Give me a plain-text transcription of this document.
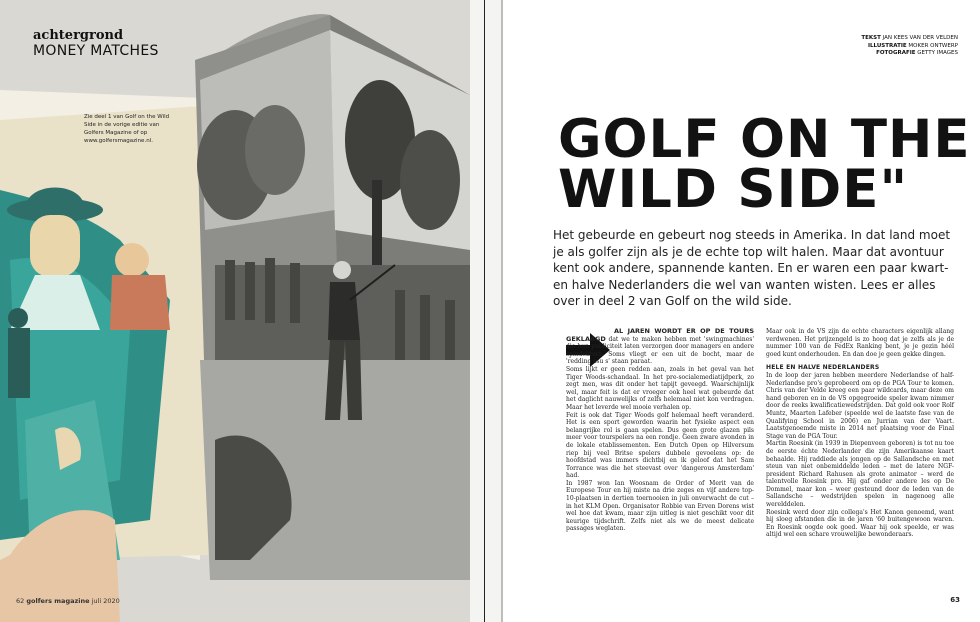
achtergrond
MONEY MATCHES
Zie deel 1 van Golf on the Wild Side in de vorige editie van Golfers Magazine of op www.golfersmagazine.nl.
62 golfers magazine juli 2020
TEKST JAN KEES VAN DER VELDEN
ILLUSTRATIE MOKER ONTWERP
FOTOGRAFIE GETTY IMAGES
GOLF ON THE
WILD SIDE"
Het gebeurde en gebeurt nog steeds in Amerika. In dat land moet je als golfer zijn als je de echte top wilt halen. Maar dat avontuur kent ook andere, spannende kanten. En er waren een paar kwart- en halve Nederlanders die wel van wanten wisten. Lees er alles over in deel 2 van Golf on the wild side.

AL JAREN WORDT ER OP DE TOURS GEKLAAGD dat we te maken hebben met 'swingmachines' die hun publiciteit laten verzorgen door managers en andere spindoktors. Soms vliegt er een uit de bocht, maar de 'redding ssu s' staan paraat.

Soms lijkt er geen redden aan, zoals in het geval van het Tiger Woods-schandaal. In het pre-socialemediatijdperk, zo zegt men, was dit onder het tapijt geveegd. Waarschijnlijk wel, maar feit is dat er vroeger ook heel wat gebeurde dat het daglicht nauwelijks of zelfs helemaal niet kon verdragen. Maar het leverde wel mooie verhalen op.

Feit is ook dat Tiger Woods golf helemaal heeft veranderd. Het is een sport geworden waarin het fysieke aspect een belangrijke rol is gaan spelen. Dus geen grote glazen pils meer voor tourspelers na een rondje. Geen zware avonden in de lokale etablissementen. Een Dutch Open op Hilversum riep bij veel Britse spelers dubbele gevoelens op: de hoofdstad was immers dichtbij en ik geloof dat het Sam Torrance was die het steevast over 'dangerous Amsterdam' had.

In 1987 won Ian Woosnam de Order of Merit van de Europese Tour en hij miste na drie zeges en vijf andere top-10-plaatsen in dertien toernooien in juli onverwacht de cut – in het KLM Open. Organisator Robbie van Erven Dorens wist wel hoe dat kwam, maar zijn uitleg is niet geschikt voor dit keurige tijdschrift. Zelfs niet als we de meest delicate passages weglaten.

Maar ook in de VS zijn de echte characters eigenlijk allang verdwenen. Het prijzengeld is zo hoog dat je zelfs als je de nummer 100 van de FedEx Ranking bent, je je gezin héél goed kunt onderhouden. En dan doe je geen gekke dingen.

HELE EN HALVE NEDERLANDERS

In de loop der jaren hebben meerdere Nederlandse of half-Nederlandse pro's geprobeerd om op de PGA Tour te komen. Chris van der Velde kreeg een paar wildcards, maar deze om hand geboren en in de VS opgegroeide speler kwam nimmer door de reeks kwalificatiewedstrijden. Dat gold ook voor Rolf Muntz, Maarten Lafeber (speelde wel de laatste fase van de Qualifying School in 2006) en Jurrian van der Vaart. Laatstgenoemde miste in 2014 net plaatsing voor de Final Stage van de PGA Tour.

Martin Roesink (in 1939 in Diepenveen geboren) is tot nu toe de eerste échte Nederlander die zijn Amerikaanse kaart behaalde. Hij raddiede als jongen op de Sallandsche en met steun van niet onbemiddelde leden – met de latere NGF-president Richard Rahusen als grote animator – werd de talentvolle Roesink pro. Hij gaf onder andere les op De Dommel, maar kon – weer gesteund door de leden van de Sallandsche – wedstrijden spelen in nagenoeg alle werelddelen.

Roesink werd door zijn collega's Het Kanon genoemd, want hij sloeg afstanden die in de jaren '60 buitengewoon waren. En Roesink oogde ook goed. Waar hij ook speelde, er was altijd wel een schare vrouwelijke bewonderaars.

63
